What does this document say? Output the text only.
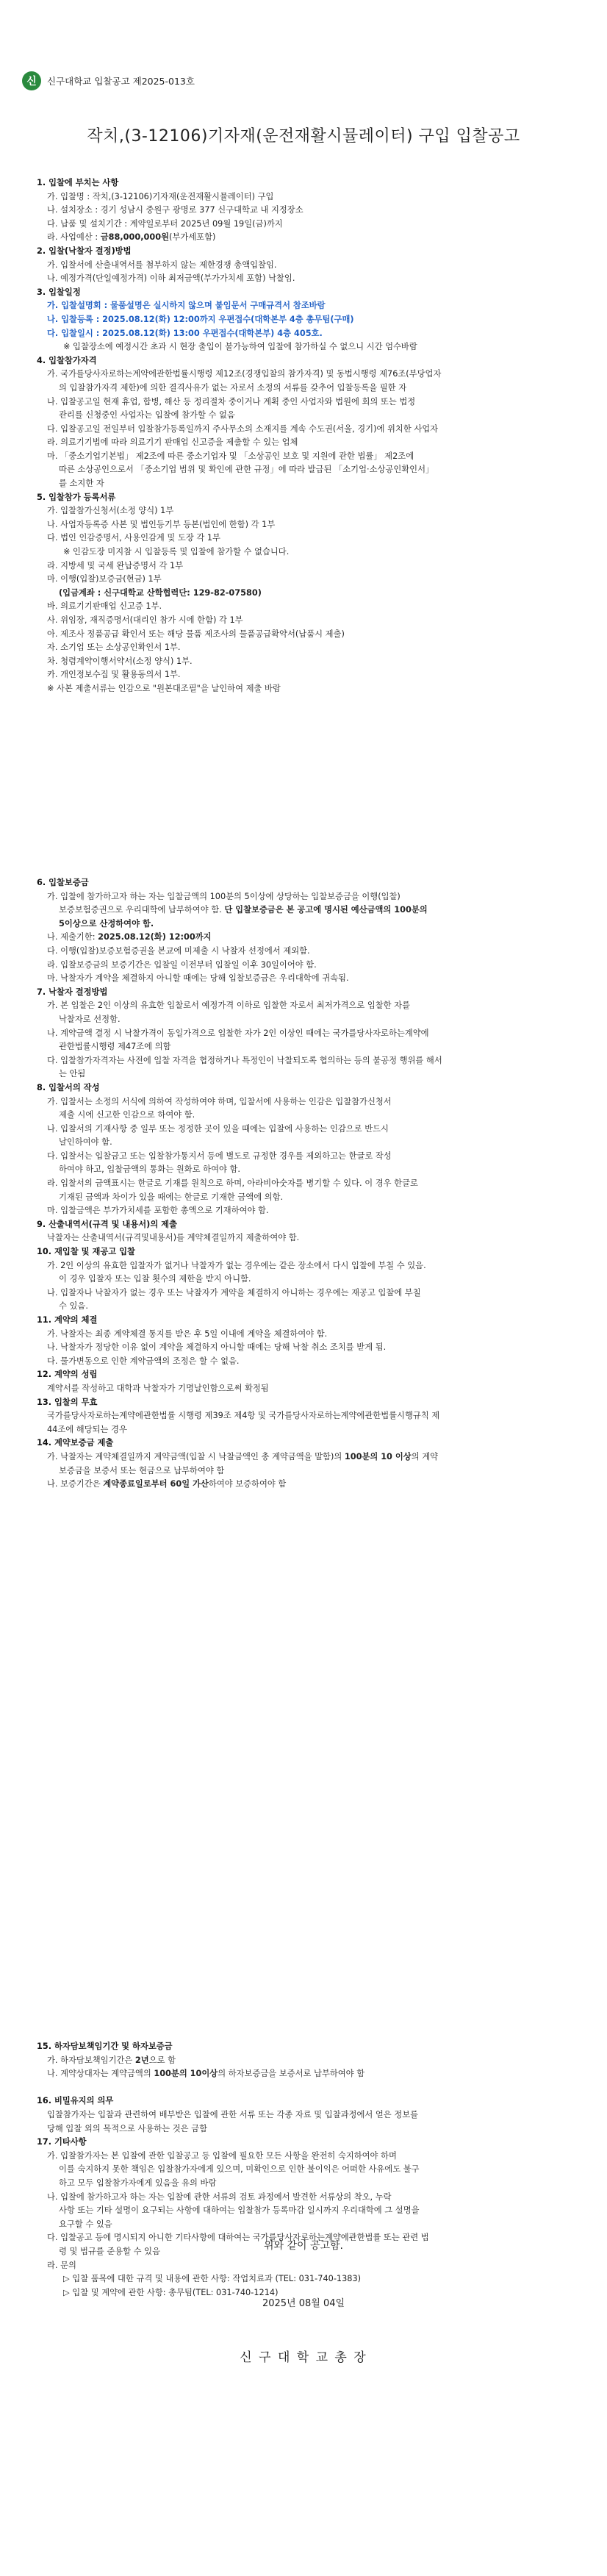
신	신구대학교 입찰공고 제2025-013호
작치,(3-12106)기자재(운전재활시뮬레이터) 구입 입찰공고
1. 입찰에 부치는 사항
가. 입찰명 : 작치,(3-12106)기자재(운전재활시뮬레이터) 구입
나. 설치장소 : 경기 성남시 중원구 광명로 377 신구대학교 내 지정장소
다. 납품 및 설치기간 : 계약일로부터 2025년 09월 19일(금)까지
라. 사업예산 : 금88,000,000원(부가세포함)
2. 입찰(낙찰자 결정)방법
가. 입찰서에 산출내역서를 첨부하지 않는 제한경쟁 총액입찰임.
나. 예정가격(단일예정가격) 이하 최저금액(부가가치세 포함) 낙찰임.
3. 입찰일정
가. 입찰설명회 : 물품설명은 실시하지 않으며 붙임문서 구매규격서 참조바람
나. 입찰등록 : 2025.08.12(화) 12:00까지 우편접수(대학본부 4층 총무팀(구매)
다. 입찰일시 : 2025.08.12(화) 13:00 우편접수(대학본부) 4층 405호.
※ 입찰장소에 예정시간 초과 시 현장 출입이 불가능하여 입찰에 참가하실 수 없으니 시간 엄수바람
4. 입찰참가자격
가. 국가를당사자로하는계약에관한법률시행령 제12조(경쟁입찰의 참가자격) 및 동법시행령 제76조(부당업자
의 입찰참가자격 제한)에 의한 결격사유가 없는 자로서 소정의 서류를 갖추어 입찰등록을 필한 자
나. 입찰공고일 현재 휴업, 합병, 해산 등 정리절차 중이거나 계획 중인 사업자와 법원에 회의 또는 법정
관리를 신청중인 사업자는 입찰에 참가할 수 없음
다. 입찰공고일 전일부터 입찰참가등록일까지 주사무소의 소재지를 계속 수도권(서울, 경기)에 위치한 사업자
라. 의료기기법에 따라 의료기기 판매업 신고증을 제출할 수 있는 업체
마. 「중소기업기본법」 제2조에 따른 중소기업자 및 「소상공인 보호 및 지원에 관한 법률」 제2조에
따른 소상공인으로서 「중소기업 범위 및 확인에 관한 규정」에 따라 발급된 「소기업·소상공인확인서」
를 소지한 자
5. 입찰참가 등록서류
가. 입찰참가신청서(소정 양식) 1부
나. 사업자등록증 사본 및 법인등기부 등본(법인에 한함) 각 1부
다. 법인 인감증명서, 사용인감계 및 도장 각 1부
※ 인감도장 미지참 시 입찰등록 및 입찰에 참가할 수 없습니다.
라. 지방세 및 국세 완납증명서 각 1부
마. 이행(입찰)보증금(현금) 1부
(입금계좌 : 신구대학교 산학협력단: 129-82-07580)
바. 의료기기판매업 신고증 1부.
사. 위임장, 재직증명서(대리인 참가 시에 한함) 각 1부
아. 제조사 정품공급 확인서 또는 해당 물품 제조사의 물품공급확약서(납품시 제출)
자. 소기업 또는 소상공인확인서 1부.
차. 청렴계약이행서약서(소정 양식) 1부.
카. 개인정보수집 및 활용동의서 1부.
※ 사본 제출서류는 인감으로 "원본대조필"을 날인하여 제출 바람
6. 입찰보증금
가. 입찰에 참가하고자 하는 자는 입찰금액의 100분의 5이상에 상당하는 입찰보증금을 이행(입찰)
보증보험증권으로 우리대학에 납부하여야 함. 단 입찰보증금은 본 공고에 명시된 예산금액의 100분의
5이상으로 산정하여야 함.
나. 제출기한: 2025.08.12(화) 12:00까지
다. 이행(입찰)보증보험증권을 본교에 미제출 시 낙찰자 선정에서 제외함.
라. 입찰보증금의 보증기간은 입찰일 이전부터 입찰일 이후 30일이어야 함.
마. 낙찰자가 계약을 체결하지 아니할 때에는 당해 입찰보증금은 우리대학에 귀속됨.
7. 낙찰자 결정방법
가. 본 입찰은 2인 이상의 유효한 입찰로서 예정가격 이하로 입찰한 자로서 최저가격으로 입찰한 자를
낙찰자로 선정함.
나. 계약금액 결정 시 낙찰가격이 동일가격으로 입찰한 자가 2인 이상인 때에는 국가를당사자로하는계약에
관한법률시행령 제47조에 의함
다. 입찰참가자격자는 사전에 입찰 자격을 협정하거나 특정인이 낙찰되도록 협의하는 등의 불공정 행위를 해서
는 안됨
8. 입찰서의 작성
가. 입찰서는 소정의 서식에 의하여 작성하여야 하며, 입찰서에 사용하는 인감은 입찰참가신청서
제출 시에 신고한 인감으로 하여야 함.
나. 입찰서의 기재사항 중 일부 또는 정정한 곳이 있을 때에는 입찰에 사용하는 인감으로 반드시
날인하여야 함.
다. 입찰서는 입찰금고 또는 입찰참가통지서 등에 별도로 규정한 경우를 제외하고는 한글로 작성
하여야 하고, 입찰금액의 통화는 원화로 하여야 함.
라. 입찰서의 금액표시는 한글로 기재를 원칙으로 하며, 아라비아숫자를 병기할 수 있다. 이 경우 한글로
기재된 금액과 차이가 있을 때에는 한글로 기재한 금액에 의함.
마. 입찰금액은 부가가치세를 포함한 총액으로 기재하여야 함.
9. 산출내역서(규격 및 내용서)의 제출
낙찰자는 산출내역서(규격및내용서)를 계약체결일까지 제출하여야 함.
10. 재입찰 및 재공고 입찰
가. 2인 이상의 유효한 입찰자가 없거나 낙찰자가 없는 경우에는 같은 장소에서 다시 입찰에 부칠 수 있음.
이 경우 입찰자 또는 입찰 횟수의 제한을 받지 아니함.
나. 입찰자나 낙찰자가 없는 경우 또는 낙찰자가 계약을 체결하지 아니하는 경우에는 재공고 입찰에 부칠
수 있음.
11. 계약의 체결
가. 낙찰자는 최종 계약체결 통지를 받은 후 5일 이내에 계약을 체결하여야 함.
나. 낙찰자가 정당한 이유 없이 계약을 체결하지 아니할 때에는 당해 낙찰 취소 조치를 받게 됨.
다. 물가변동으로 인한 계약금액의 조정은 할 수 없음.
12. 계약의 성립
계약서를 작성하고 대학과 낙찰자가 기명날인함으로써 확정됨
13. 입찰의 무효
국가를당사자로하는계약에관한법률 시행령 제39조 제4항 및 국가를당사자로하는계약에관한법률시행규칙 제
44조에 해당되는 경우
14. 계약보증금 제출
가. 낙찰자는 계약체결일까지 계약금액(입찰 시 낙찰금액인 총 계약금액을 말함)의 100분의 10 이상의 계약
보증금을 보증서 또는 현금으로 납부하여야 함
나. 보증기간은 계약종료일로부터 60일 가산하여야 보증하여야 함
15. 하자담보책임기간 및 하자보증금
가. 하자담보책임기간은 2년으로 함
나. 계약상대자는 계약금액의 100분의 10이상의 하자보증금을 보증서로 납부하여야 함

16. 비밀유지의 의무
입찰참가자는 입찰과 관련하여 배부받은 입찰에 관한 서류 또는 각종 자료 및 입찰과정에서 얻은 정보를
당해 입찰 외의 목적으로 사용하는 것은 금함
17. 기타사항
가. 입찰참가자는 본 입찰에 관한 입찰공고 등 입찰에 필요한 모든 사항을 완전히 숙지하여야 하며
이를 숙지하지 못한 책임은 입찰참가자에게 있으며, 미확인으로 인한 불이익은 어떠한 사유에도 불구
하고 모두 입찰참가자에게 있음을 유의 바람
나. 입찰에 참가하고자 하는 자는 입찰에 관한 서류의 검토 과정에서 발견한 서류상의 착오, 누락
사항 또는 기타 설명이 요구되는 사항에 대하여는 입찰참가 등록마감 일시까지 우리대학에 그 설명을
요구할 수 있음
다. 입찰공고 등에 명시되지 아니한 기타사항에 대하여는 국가를당사자로하는계약에관한법률 또는 관련 법
령 및 법규를 준용할 수 있음
라. 문의
▷ 입찰 품목에 대한 규격 및 내용에 관한 사항: 작업치료과 (TEL: 031-740-1383)
▷ 입찰 및 계약에 관한 사항: 총무팀(TEL: 031-740-1214)
위와 같이 공고함.
2025년 08월 04일
신 구 대 학 교 총 장
